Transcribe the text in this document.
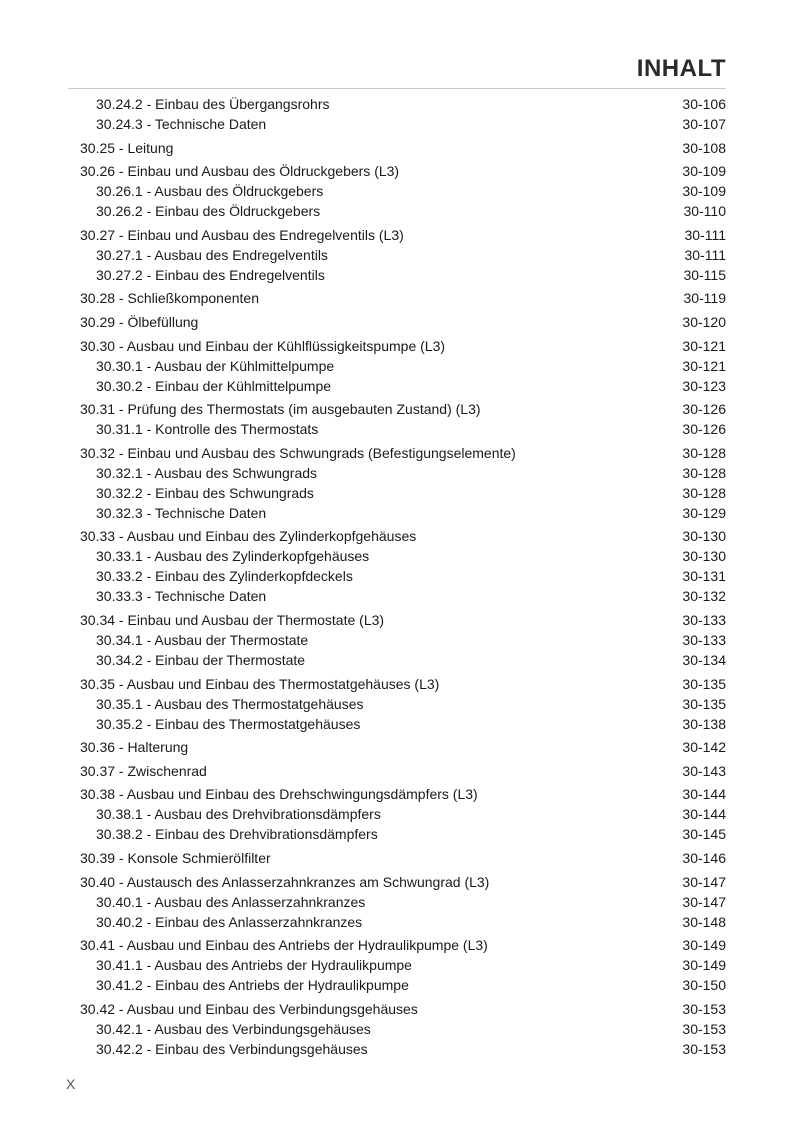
INHALT
30.24.2 - Einbau des Übergangsrohrs	30-106
30.24.3 - Technische Daten	30-107
30.25 - Leitung	30-108
30.26 - Einbau und Ausbau des Öldruckgebers (L3)	30-109
30.26.1 - Ausbau des Öldruckgebers	30-109
30.26.2 - Einbau des Öldruckgebers	30-110
30.27 - Einbau und Ausbau des Endregelventils (L3)	30-111
30.27.1 - Ausbau des Endregelventils	30-111
30.27.2 - Einbau des Endregelventils	30-115
30.28 - Schließkomponenten	30-119
30.29 - Ölbefüllung	30-120
30.30 - Ausbau und Einbau der Kühlflüssigkeitspumpe (L3)	30-121
30.30.1 - Ausbau der Kühlmittelpumpe	30-121
30.30.2 - Einbau der Kühlmittelpumpe	30-123
30.31 - Prüfung des Thermostats (im ausgebauten Zustand) (L3)	30-126
30.31.1 - Kontrolle des Thermostats	30-126
30.32 - Einbau und Ausbau des Schwungrads (Befestigungselemente)	30-128
30.32.1 - Ausbau des Schwungrads	30-128
30.32.2 - Einbau des Schwungrads	30-128
30.32.3 - Technische Daten	30-129
30.33 - Ausbau und Einbau des Zylinderkopfgehäuses	30-130
30.33.1 - Ausbau des Zylinderkopfgehäuses	30-130
30.33.2 - Einbau des Zylinderkopfdeckels	30-131
30.33.3 - Technische Daten	30-132
30.34 - Einbau und Ausbau der Thermostate (L3)	30-133
30.34.1 - Ausbau der Thermostate	30-133
30.34.2 - Einbau der Thermostate	30-134
30.35 - Ausbau und Einbau des Thermostatgehäuses (L3)	30-135
30.35.1 - Ausbau des Thermostatgehäuses	30-135
30.35.2 - Einbau des Thermostatgehäuses	30-138
30.36 - Halterung	30-142
30.37 - Zwischenrad	30-143
30.38 - Ausbau und Einbau des Drehschwingungsdämpfers (L3)	30-144
30.38.1 - Ausbau des Drehvibrationsdämpfers	30-144
30.38.2 - Einbau des Drehvibrationsdämpfers	30-145
30.39 - Konsole Schmierölfilter	30-146
30.40 - Austausch des Anlasserzahnkranzes am Schwungrad (L3)	30-147
30.40.1 - Ausbau des Anlasserzahnkranzes	30-147
30.40.2 - Einbau des Anlasserzahnkranzes	30-148
30.41 - Ausbau und Einbau des Antriebs der Hydraulikpumpe (L3)	30-149
30.41.1 - Ausbau des Antriebs der Hydraulikpumpe	30-149
30.41.2 - Einbau des Antriebs der Hydraulikpumpe	30-150
30.42 - Ausbau und Einbau des Verbindungsgehäuses	30-153
30.42.1 - Ausbau des Verbindungsgehäuses	30-153
30.42.2 - Einbau des Verbindungsgehäuses	30-153
X
